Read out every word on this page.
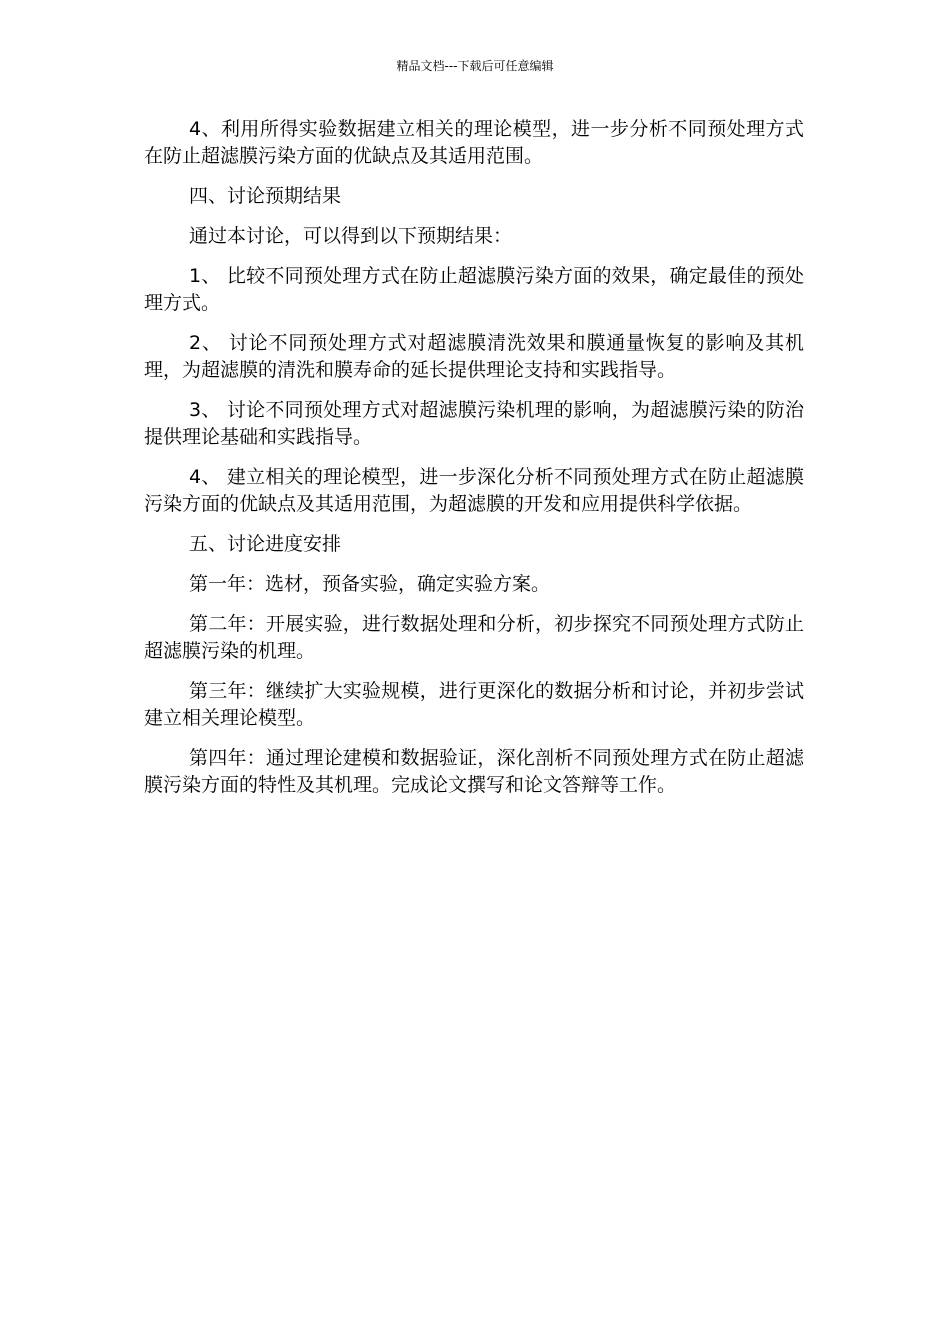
精品文档---下载后可任意编辑

4、利用所得实验数据建立相关的理论模型，进一步分析不同预处理方式在防止超滤膜污染方面的优缺点及其适用范围。

四、讨论预期结果

通过本讨论，可以得到以下预期结果：

1、 比较不同预处理方式在防止超滤膜污染方面的效果，确定最佳的预处理方式。

2、 讨论不同预处理方式对超滤膜清洗效果和膜通量恢复的影响及其机理，为超滤膜的清洗和膜寿命的延长提供理论支持和实践指导。

3、 讨论不同预处理方式对超滤膜污染机理的影响，为超滤膜污染的防治提供理论基础和实践指导。

4、 建立相关的理论模型，进一步深化分析不同预处理方式在防止超滤膜污染方面的优缺点及其适用范围，为超滤膜的开发和应用提供科学依据。

五、讨论进度安排

第一年：选材，预备实验，确定实验方案。

第二年：开展实验，进行数据处理和分析，初步探究不同预处理方式防止超滤膜污染的机理。

第三年：继续扩大实验规模，进行更深化的数据分析和讨论，并初步尝试建立相关理论模型。

第四年：通过理论建模和数据验证，深化剖析不同预处理方式在防止超滤膜污染方面的特性及其机理。完成论文撰写和论文答辩等工作。
